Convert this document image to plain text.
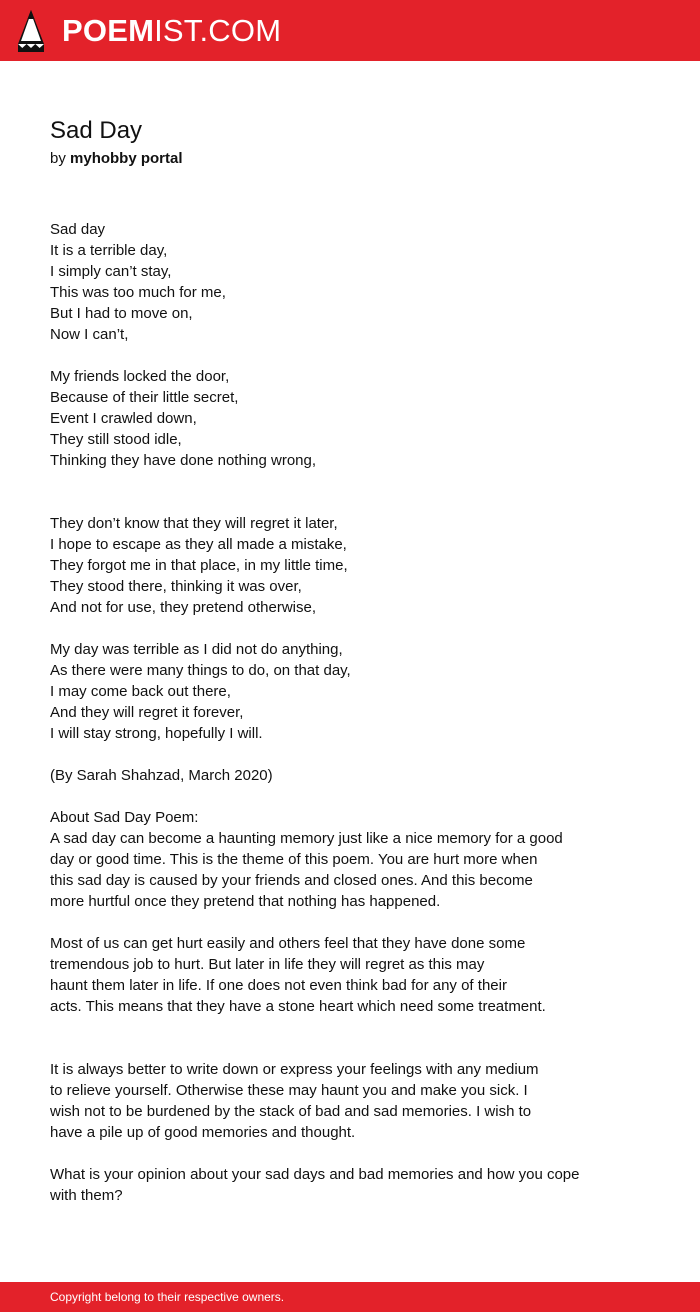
POEMIST.COM
Sad Day
by myhobby portal
Sad day
It is a terrible day,
I simply can’t stay,
This was too much for me,
But I had to move on,
Now I can’t,

My friends locked the door,
Because of their little secret,
Event I crawled down,
They still stood idle,
Thinking they have done nothing wrong,

They don’t know that they will regret it later,
I hope to escape as they all made a mistake,
They forgot me in that place, in my little time,
They stood there, thinking it was over,
And not for use, they pretend otherwise,

My day was terrible as I did not do anything,
As there were many things to do, on that day,
I may come back out there,
And they will regret it forever,
I will stay strong, hopefully I will.

(By Sarah Shahzad, March 2020)

About Sad Day Poem:
A sad day can become a haunting memory just like a nice memory for a good
day or good time. This is the theme of this poem. You are hurt more when
this sad day is caused by your friends and closed ones. And this become
more hurtful once they pretend that nothing has happened.

Most of us can get hurt easily and others feel that they have done some
tremendous job to hurt. But later in life they will regret as this may
haunt them later in life. If one does not even think bad for any of their
acts. This means that they have a stone heart which need some treatment.

It is always better to write down or express your feelings with any medium
to relieve yourself. Otherwise these may haunt you and make you sick. I
wish not to be burdened by the stack of bad and sad memories. I wish to
have a pile up of good memories and thought.

What is your opinion about your sad days and bad memories and how you cope
with them?
Copyright belong to their respective owners.
